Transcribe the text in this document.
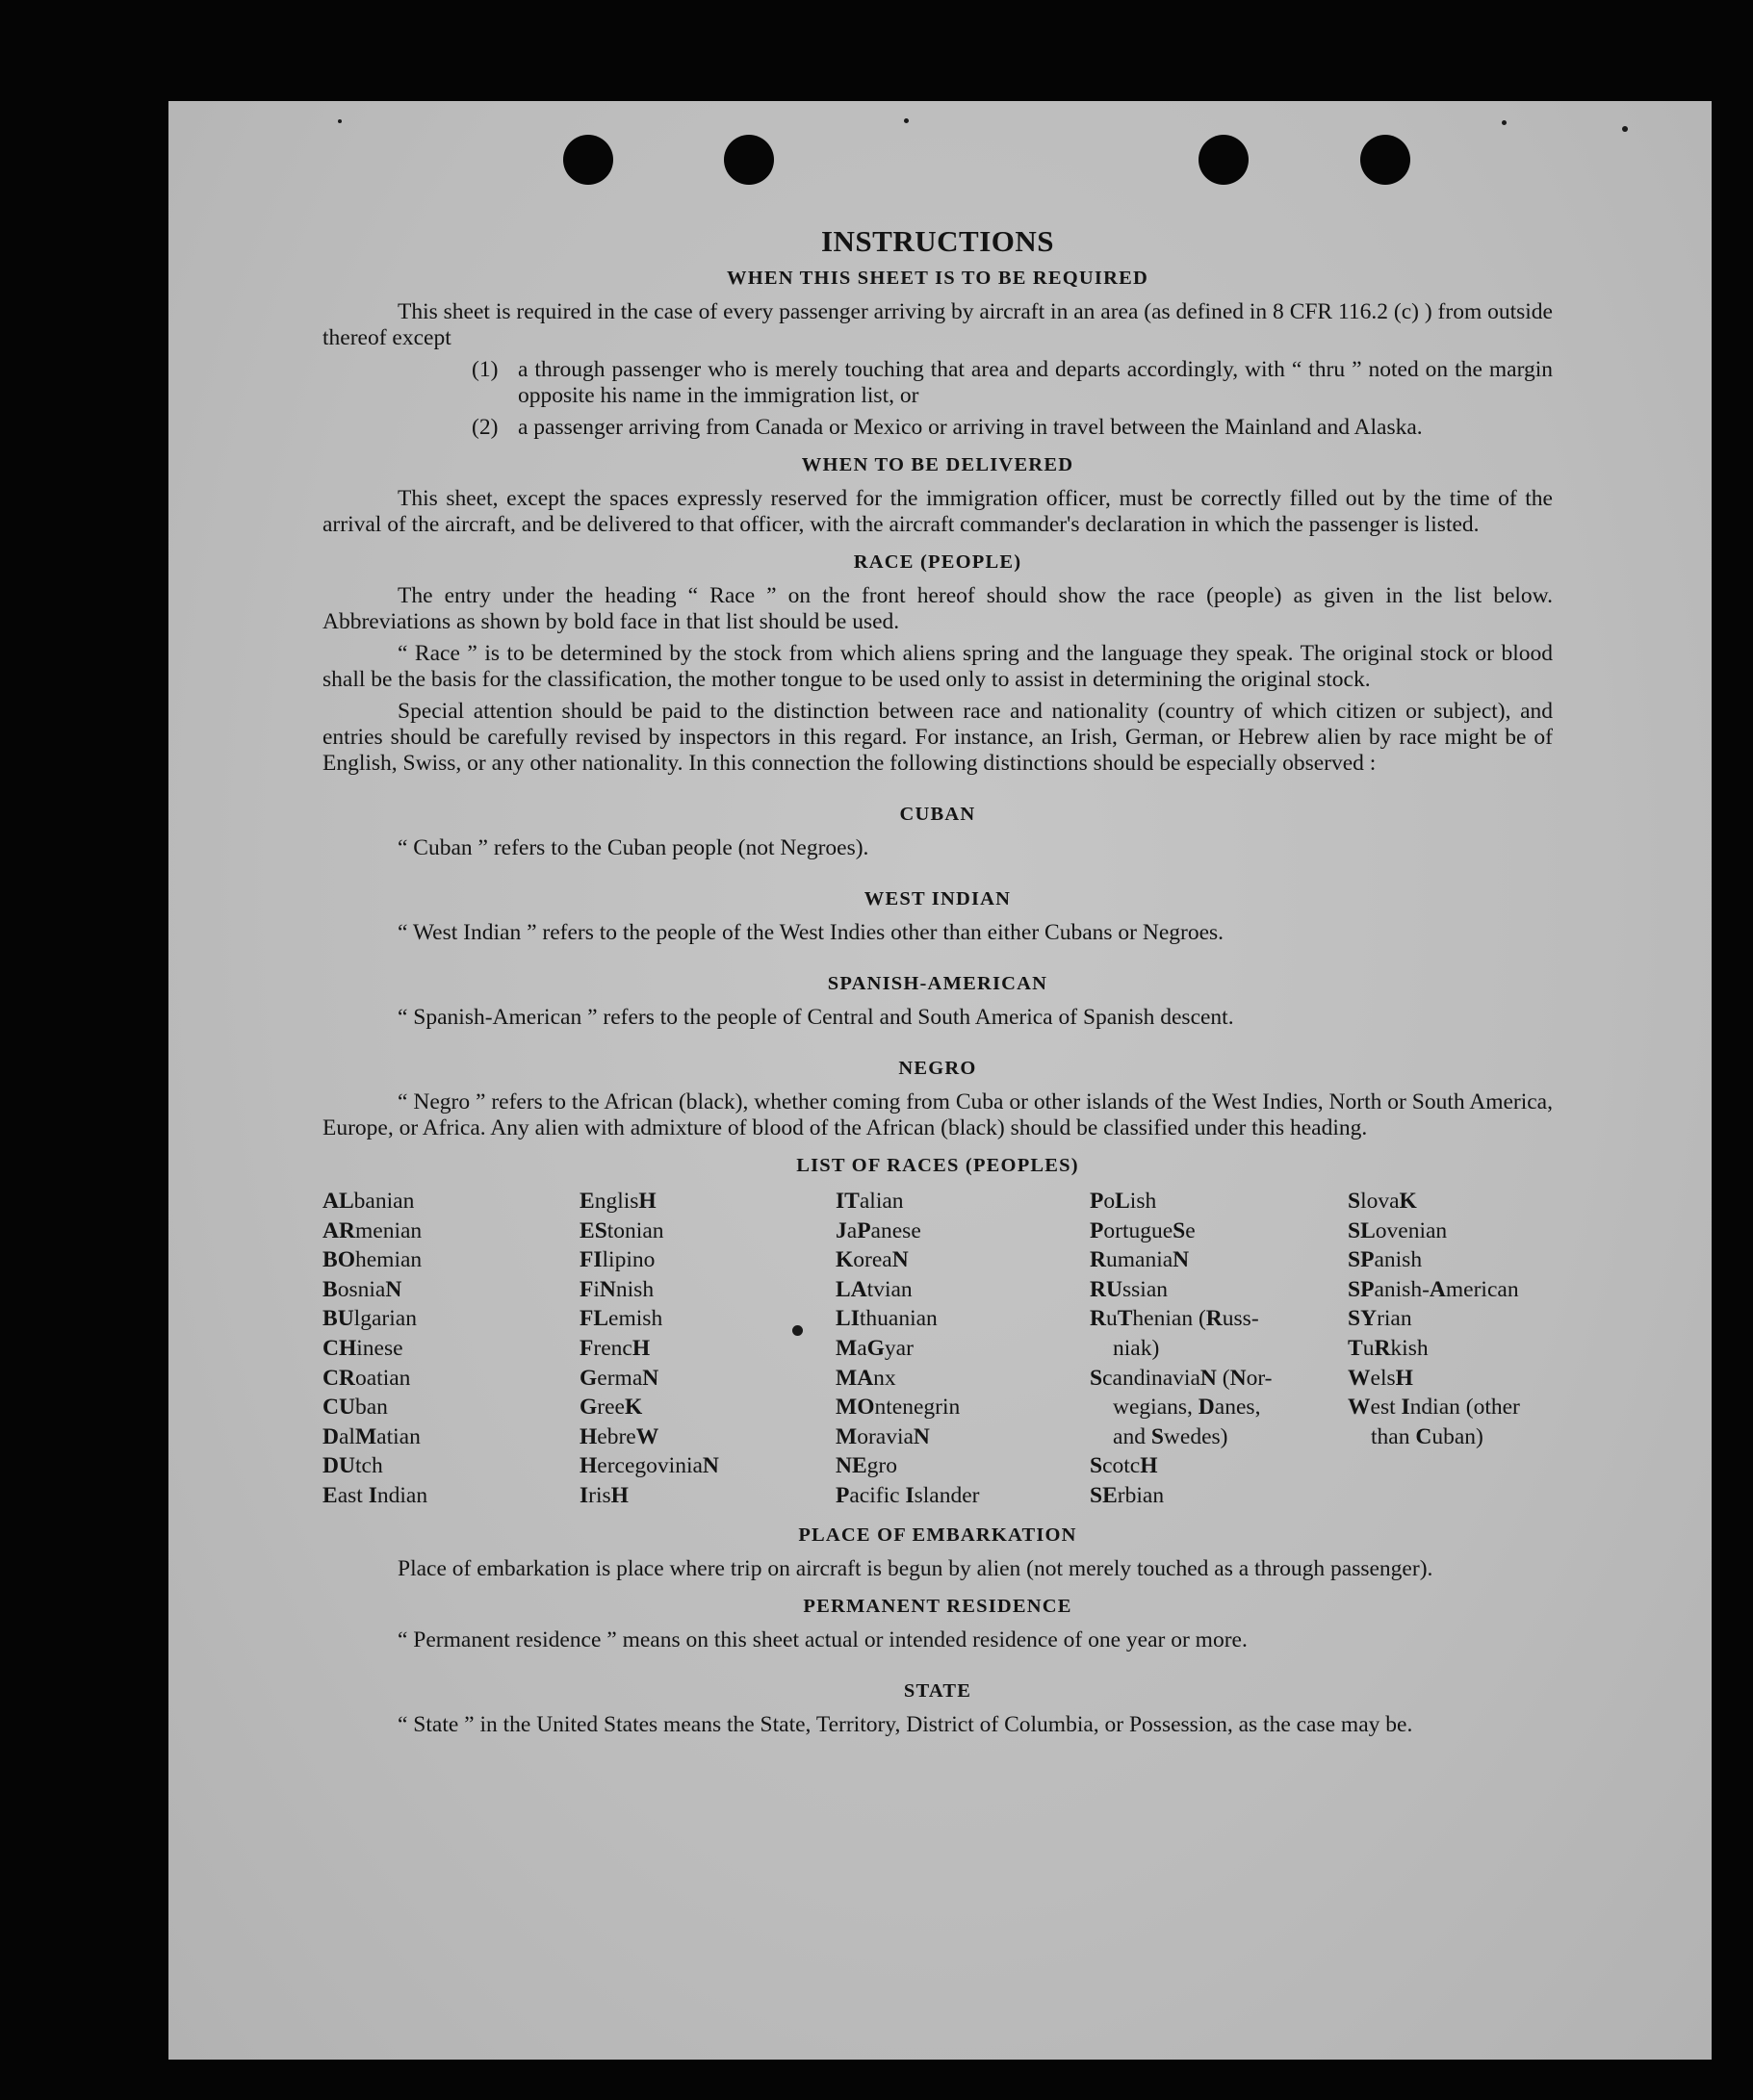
INSTRUCTIONS
WHEN THIS SHEET IS TO BE REQUIRED
This sheet is required in the case of every passenger arriving by aircraft in an area (as defined in 8 CFR 116.2 (c) ) from outside thereof except
(1) a through passenger who is merely touching that area and departs accordingly, with “ thru ” noted on the margin opposite his name in the immigration list, or
(2) a passenger arriving from Canada or Mexico or arriving in travel between the Mainland and Alaska.
WHEN TO BE DELIVERED
This sheet, except the spaces expressly reserved for the immigration officer, must be correctly filled out by the time of the arrival of the aircraft, and be delivered to that officer, with the aircraft commander's declaration in which the passenger is listed.
RACE (PEOPLE)
The entry under the heading “ Race ” on the front hereof should show the race (people) as given in the list below. Abbreviations as shown by bold face in that list should be used.
“ Race ” is to be determined by the stock from which aliens spring and the language they speak. The original stock or blood shall be the basis for the classification, the mother tongue to be used only to assist in determining the original stock.
Special attention should be paid to the distinction between race and nationality (country of which citizen or subject), and entries should be carefully revised by inspectors in this regard. For instance, an Irish, German, or Hebrew alien by race might be of English, Swiss, or any other nationality. In this connection the following distinctions should be especially observed :
CUBAN
“ Cuban ” refers to the Cuban people (not Negroes).
WEST INDIAN
“ West Indian ” refers to the people of the West Indies other than either Cubans or Negroes.
SPANISH-AMERICAN
“ Spanish-American ” refers to the people of Central and South America of Spanish descent.
NEGRO
“ Negro ” refers to the African (black), whether coming from Cuba or other islands of the West Indies, North or South America, Europe, or Africa. Any alien with admixture of blood of the African (black) should be classified under this heading.
LIST OF RACES (PEOPLES)
ALbanian
ARmenian
BOhemian
BosniaN
BUlgarian
CHinese
CRoatian
CUban
DalMatian
DUtch
East Indian
EnglisH
EStonian
FIlipino
FiNnish
FLemish
FrencH
GermaN
GreeK
HebreW
HercegoviniaN
IrisH
ITalian
JaPanese
KoreaN
LAtvian
LIthuanian
MaGyar
MAnx
MOntenegrin
MoraviaN
NEgro
Pacific Islander
PoLish
PortugueSe
RumaniaN
RUssian
RuThenian (Russ-
niak)
ScandinaviaN (Nor-
wegians, Danes,
and Swedes)
ScotcH
SErbian
SlovaK
SLovenian
SPanish
SPanish-American
SYrian
TuRkish
WelsH
West Indian (other
than Cuban)
PLACE OF EMBARKATION
Place of embarkation is place where trip on aircraft is begun by alien (not merely touched as a through passenger).
PERMANENT RESIDENCE
“ Permanent residence ” means on this sheet actual or intended residence of one year or more.
STATE
“ State ” in the United States means the State, Territory, District of Columbia, or Possession, as the case may be.
